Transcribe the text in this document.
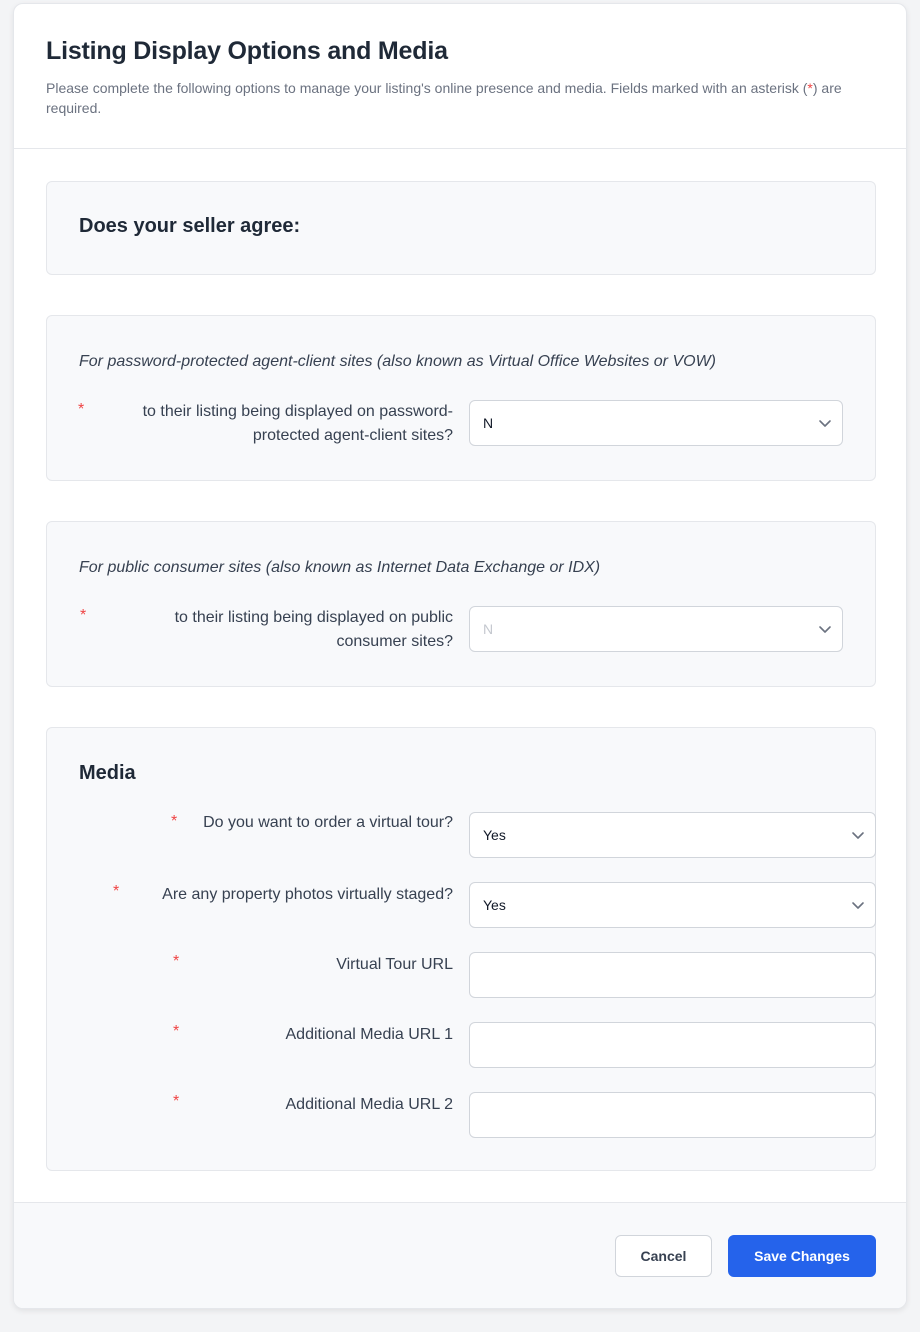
Listing Display Options and Media
Please complete the following options to manage your listing's online presence and media. Fields marked with an asterisk (*) are required.
Does your seller agree:
For password-protected agent-client sites (also known as Virtual Office Websites or VOW)
*	to their listing being displayed on password-
protected agent-client sites?
N
For public consumer sites (also known as Internet Data Exchange or IDX)
*	to their listing being displayed on public
consumer sites?
N
Media
* Do you want to order a virtual tour?
Yes
*	Are any property photos virtually staged?
Yes
*	Virtual Tour URL
*	Additional Media URL 1
*	Additional Media URL 2
Cancel	Save Changes
